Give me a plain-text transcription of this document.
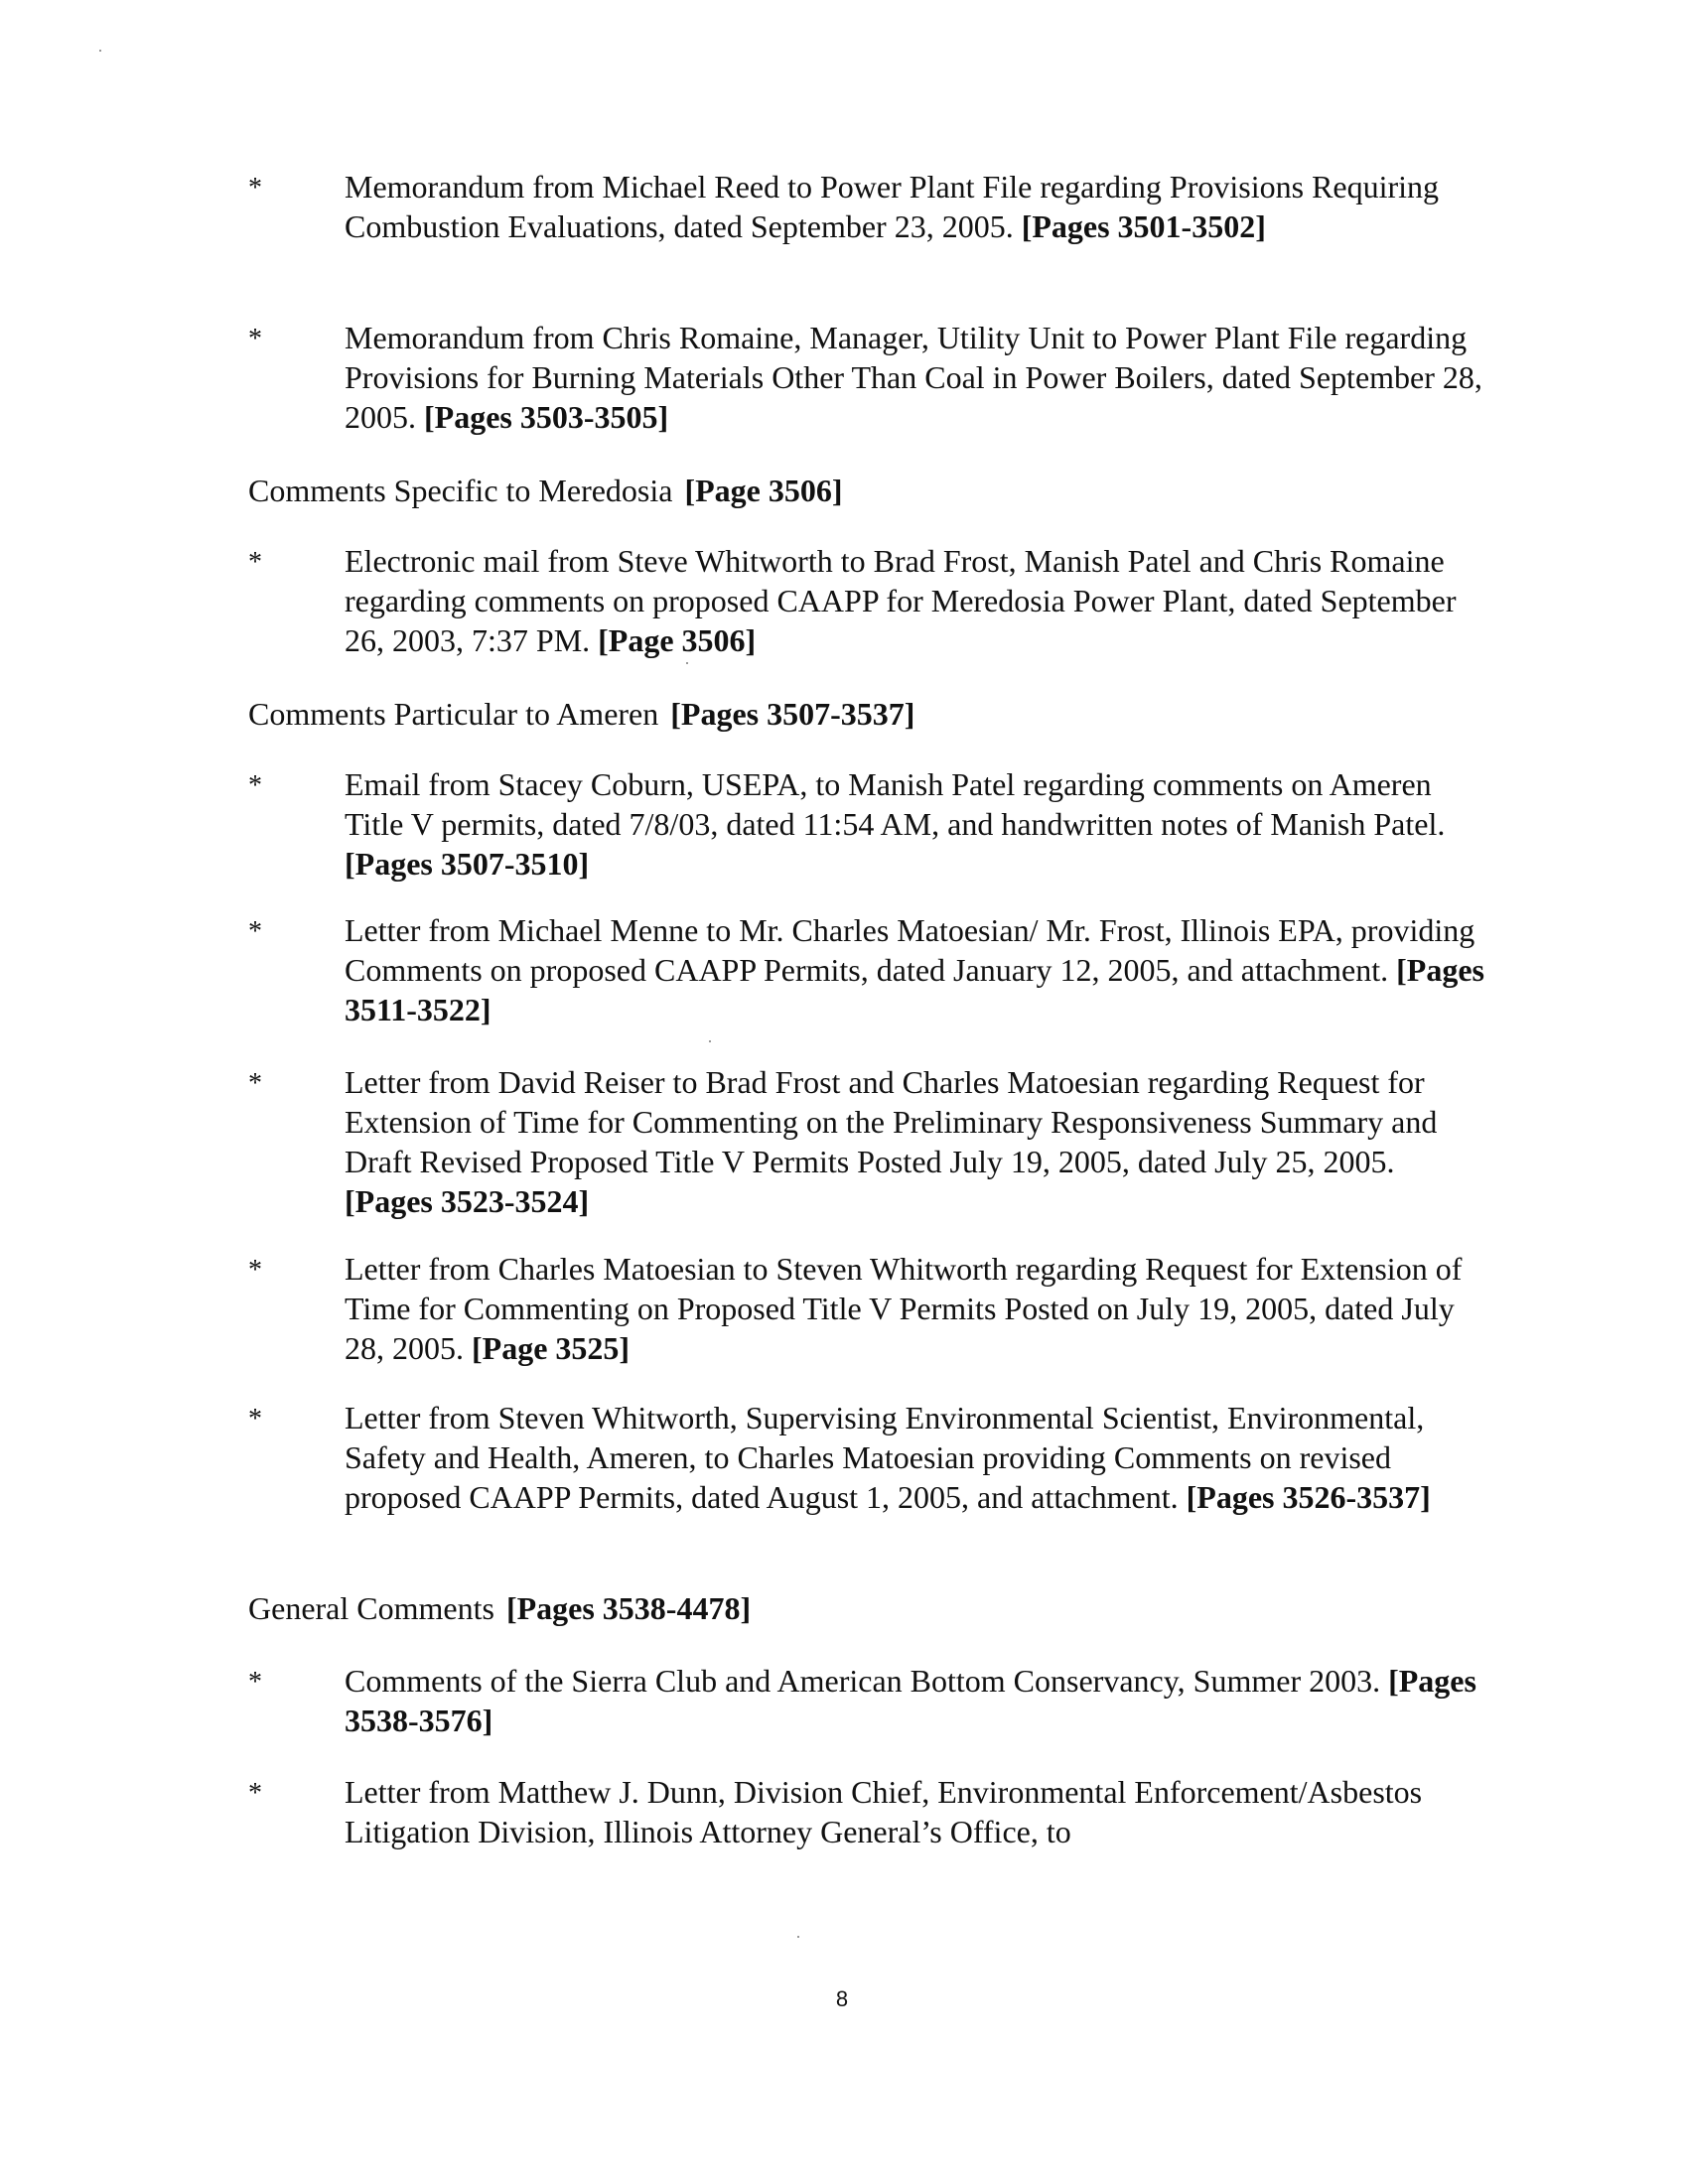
*	Memorandum from Michael Reed to Power Plant File regarding Provisions Requiring Combustion Evaluations, dated September 23, 2005. [Pages 3501-3502]
*	Memorandum from Chris Romaine, Manager, Utility Unit to Power Plant File regarding Provisions for Burning Materials Other Than Coal in Power Boilers, dated September 28, 2005. [Pages 3503-3505]
Comments Specific to Meredosia [Page 3506]
*	Electronic mail from Steve Whitworth to Brad Frost, Manish Patel and Chris Romaine regarding comments on proposed CAAPP for Meredosia Power Plant, dated September 26, 2003, 7:37 PM. [Page 3506]
Comments Particular to Ameren [Pages 3507-3537]
*	Email from Stacey Coburn, USEPA, to Manish Patel regarding comments on Ameren Title V permits, dated 7/8/03, dated 11:54 AM, and handwritten notes of Manish Patel. [Pages 3507-3510]
*	Letter from Michael Menne to Mr. Charles Matoesian/ Mr. Frost, Illinois EPA, providing Comments on proposed CAAPP Permits, dated January 12, 2005, and attachment. [Pages 3511-3522]
*	Letter from David Reiser to Brad Frost and Charles Matoesian regarding Request for Extension of Time for Commenting on the Preliminary Responsiveness Summary and Draft Revised Proposed Title V Permits Posted July 19, 2005, dated July 25, 2005. [Pages 3523-3524]
*	Letter from Charles Matoesian to Steven Whitworth regarding Request for Extension of Time for Commenting on Proposed Title V Permits Posted on July 19, 2005, dated July 28, 2005. [Page 3525]
*	Letter from Steven Whitworth, Supervising Environmental Scientist, Environmental, Safety and Health, Ameren, to Charles Matoesian providing Comments on revised proposed CAAPP Permits, dated August 1, 2005, and attachment. [Pages 3526-3537]
General Comments [Pages 3538-4478]
*	Comments of the Sierra Club and American Bottom Conservancy, Summer 2003. [Pages 3538-3576]
*	Letter from Matthew J. Dunn, Division Chief, Environmental Enforcement/Asbestos Litigation Division, Illinois Attorney General’s Office, to
8
